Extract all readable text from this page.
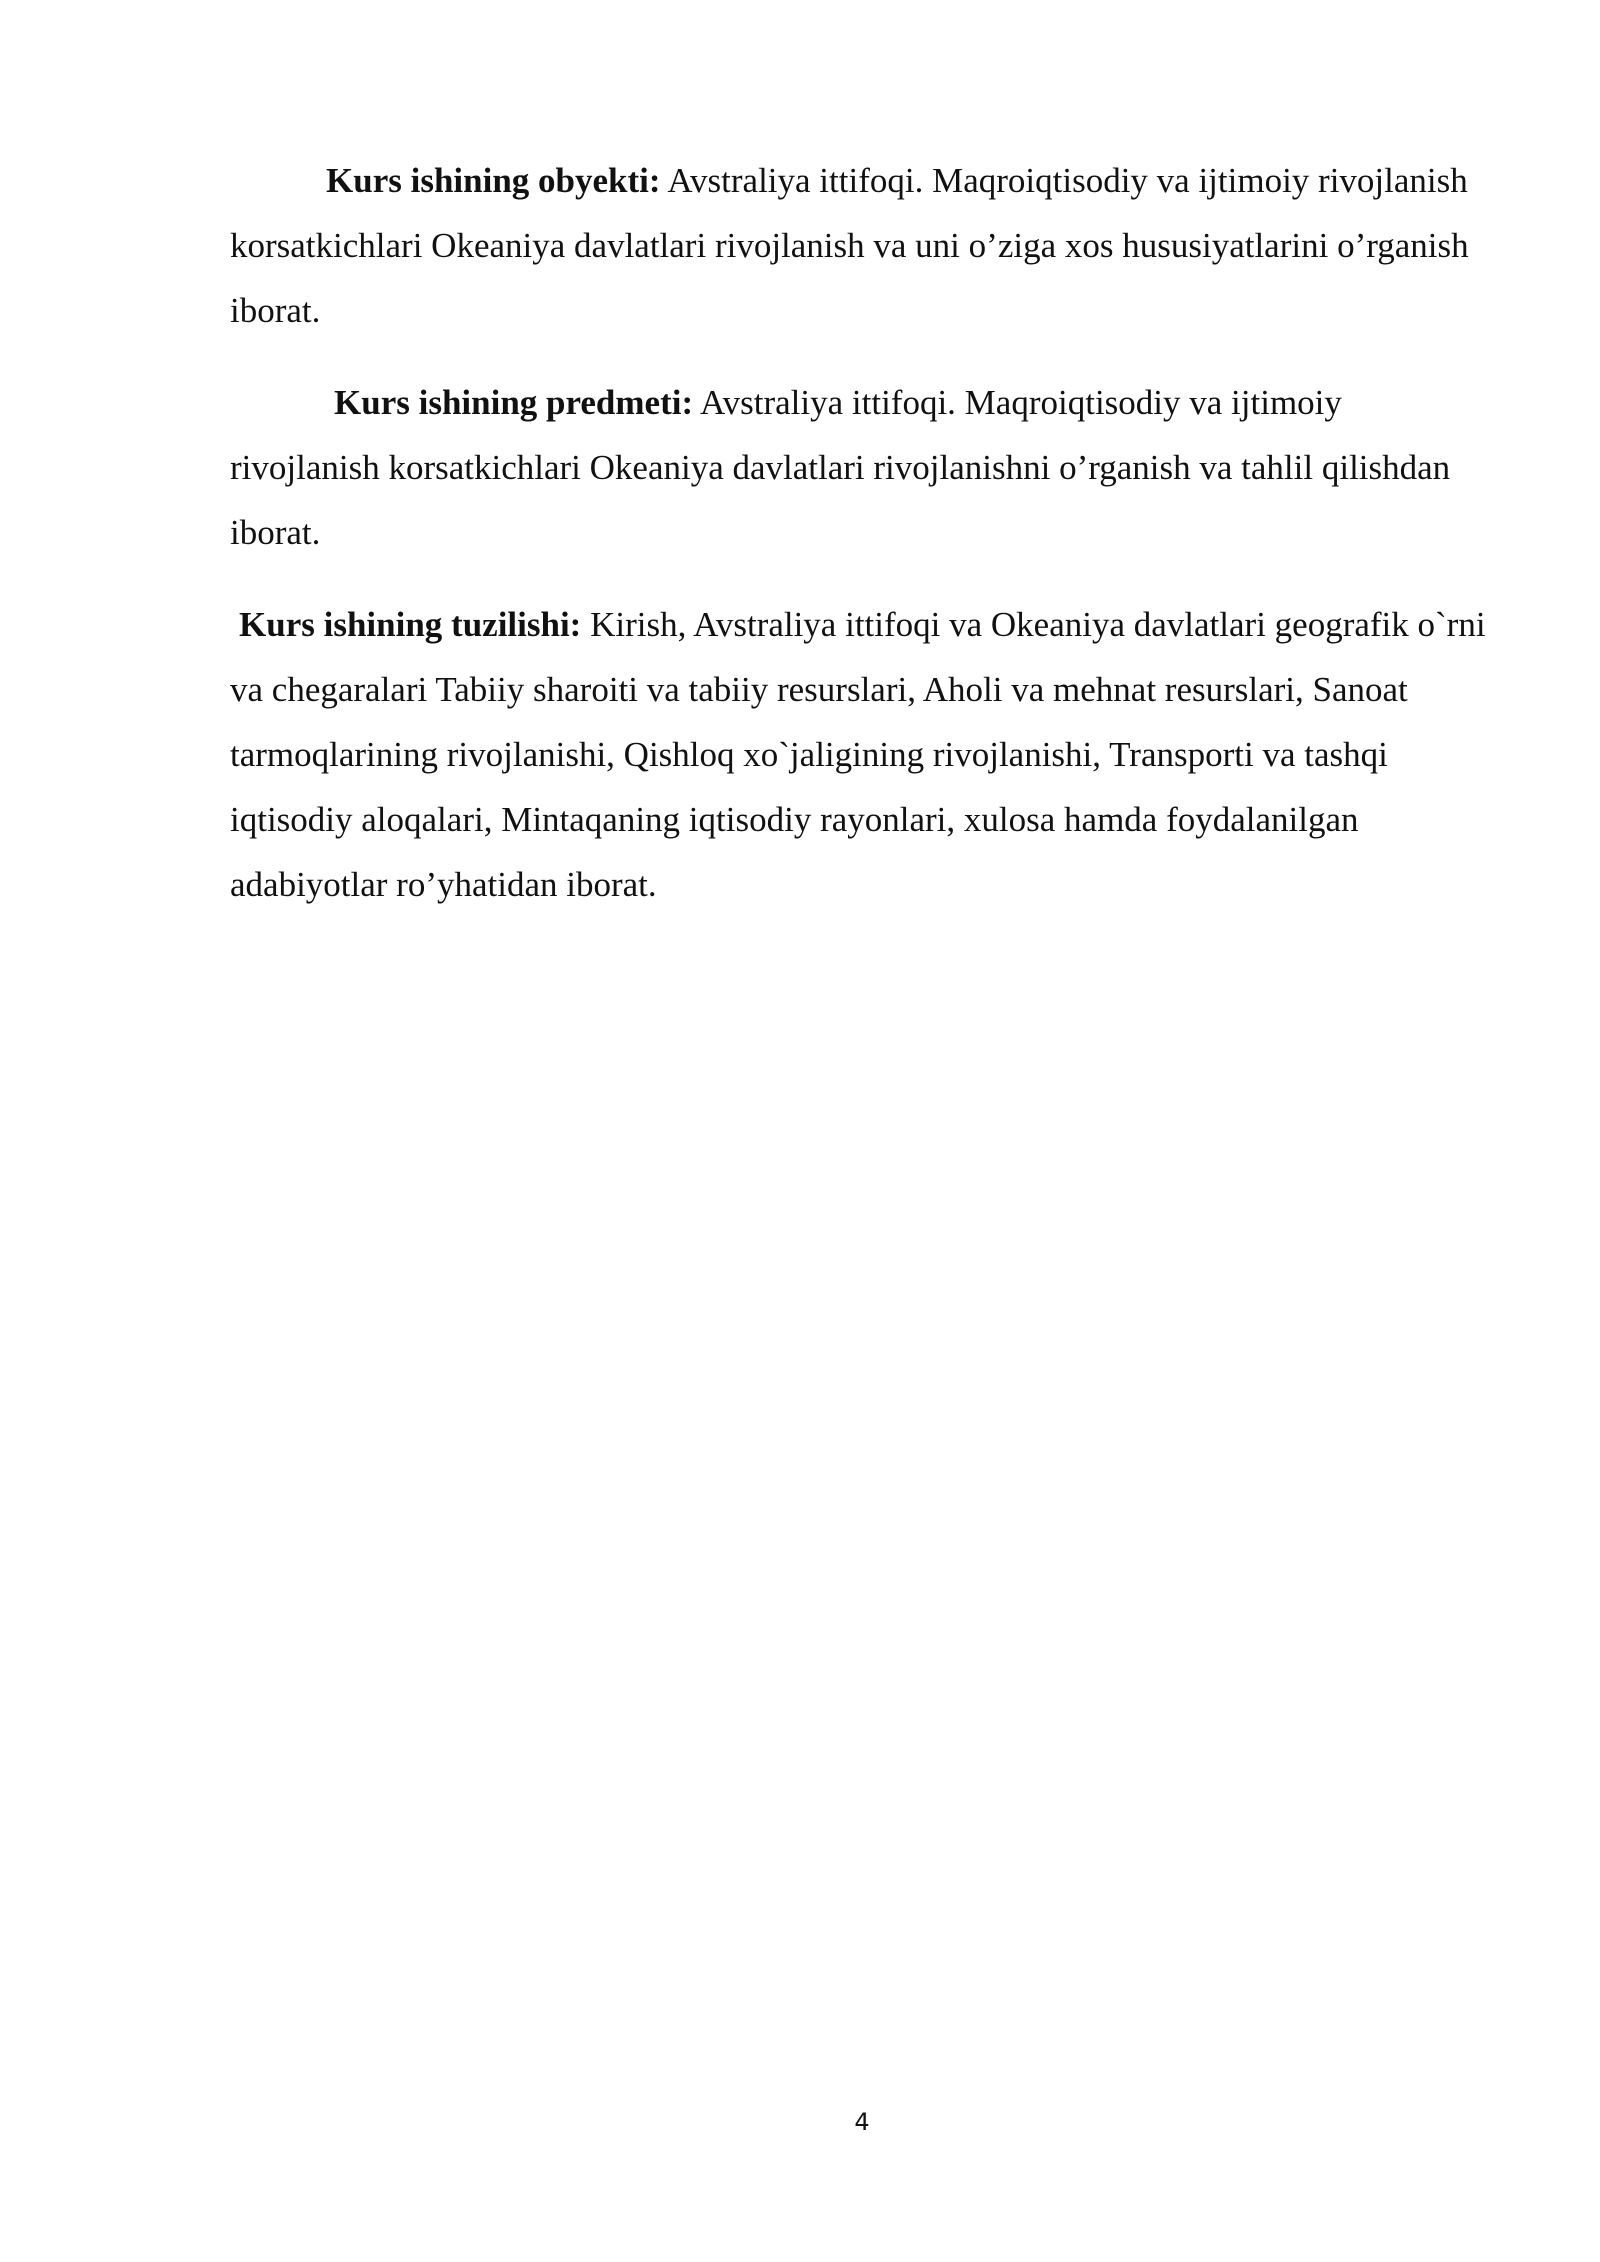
Kurs ishining obyekti: Avstraliya ittifoqi. Maqroiqtisodiy va ijtimoiy rivojlanish korsatkichlari Okeaniya davlatlari rivojlanish va uni o’ziga xos hususiyatlarini o’rganish iborat.

Kurs ishining predmeti: Avstraliya ittifoqi. Maqroiqtisodiy va ijtimoiy rivojlanish korsatkichlari Okeaniya davlatlari rivojlanishni o’rganish va tahlil qilishdan iborat.

Kurs ishining tuzilishi: Kirish, Avstraliya ittifoqi va Okeaniya davlatlari geografik o`rni va chegaralari Tabiiy sharoiti va tabiiy resurslari, Aholi va mehnat resurslari, Sanoat tarmoqlarining rivojlanishi, Qishloq xo`jaligining rivojlanishi, Transporti va tashqi iqtisodiy aloqalari, Mintaqaning iqtisodiy rayonlari, xulosa hamda foydalanilgan adabiyotlar ro’yhatidan iborat.

4
